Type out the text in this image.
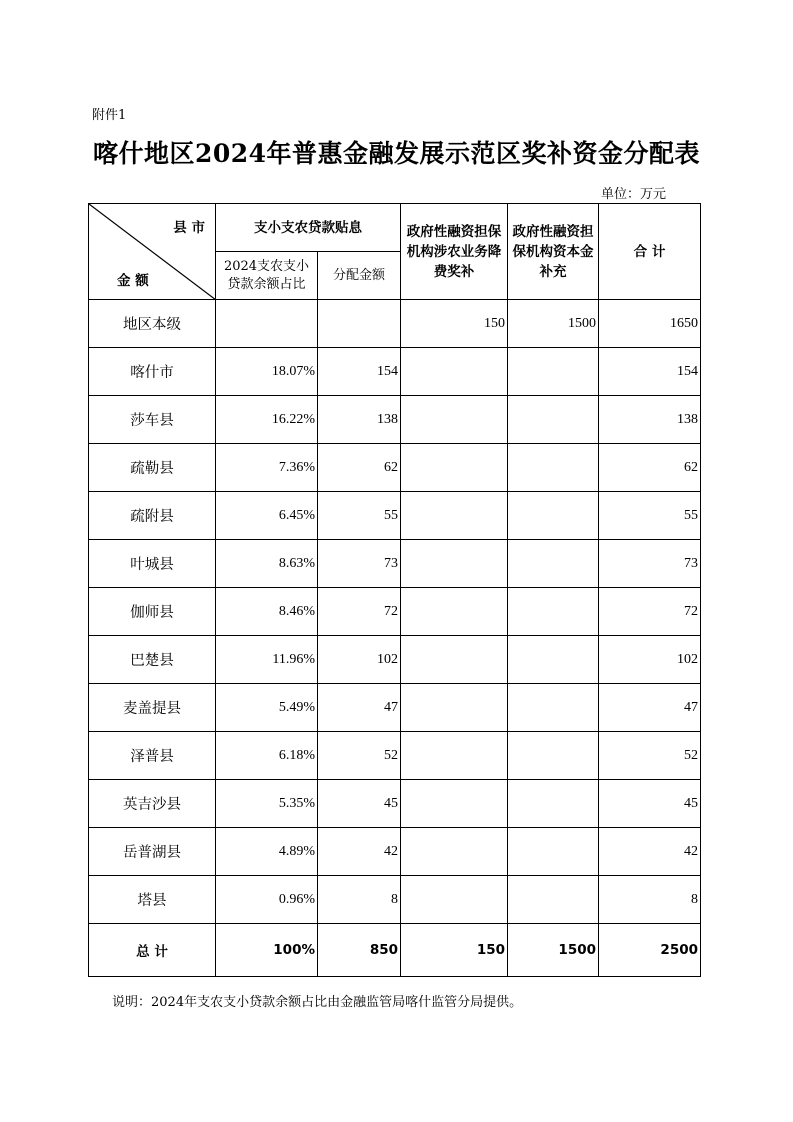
附件1
喀什地区2024年普惠金融发展示范区奖补资金分配表
单位：万元
县 市
金 额	支小支农贷款贴息		政府性融资担保机构涉农业务降费奖补	政府性融资担保机构资本金补充	合 计
	2024支农支小贷款余额占比	分配金额			
地区本级			150	1500	1650
喀什市	18.07%	154			154
莎车县	16.22%	138			138
疏勒县	7.36%	62			62
疏附县	6.45%	55			55
叶城县	8.63%	73			73
伽师县	8.46%	72			72
巴楚县	11.96%	102			102
麦盖提县	5.49%	47			47
泽普县	6.18%	52			52
英吉沙县	5.35%	45			45
岳普湖县	4.89%	42			42
塔县	0.96%	8			8
总 计	100%	850	150	1500	2500
说明：2024年支农支小贷款余额占比由金融监管局喀什监管分局提供。
